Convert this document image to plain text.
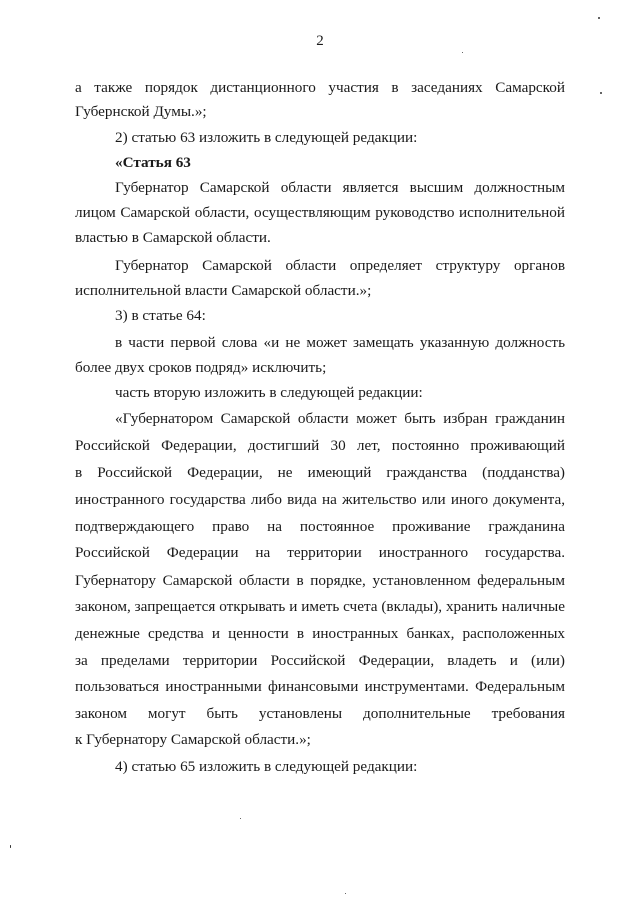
2
а также порядок дистанционного участия в заседаниях Самарской
Губернской Думы.»;
2) статью 63 изложить в следующей редакции:
«Статья 63
Губернатор Самарской области является высшим должностным
лицом Самарской области, осуществляющим руководство исполнительной
властью в Самарской области.
Губернатор Самарской области определяет структуру органов
исполнительной власти Самарской области.»;
3) в статье 64:
в части первой слова «и не может замещать указанную должность
более двух сроков подряд» исключить;
часть вторую изложить в следующей редакции:
«Губернатором Самарской области может быть избран гражданин
Российской Федерации, достигший 30 лет, постоянно проживающий
в Российской Федерации, не имеющий гражданства (подданства)
иностранного государства либо вида на жительство или иного документа,
подтверждающего право на постоянное проживание гражданина
Российской Федерации на территории иностранного государства.
Губернатору Самарской области в порядке, установленном федеральным
законом, запрещается открывать и иметь счета (вклады), хранить наличные
денежные средства и ценности в иностранных банках, расположенных
за пределами территории Российской Федерации, владеть и (или)
пользоваться иностранными финансовыми инструментами. Федеральным
законом могут быть установлены дополнительные требования
к Губернатору Самарской области.»;
4) статью 65 изложить в следующей редакции:
